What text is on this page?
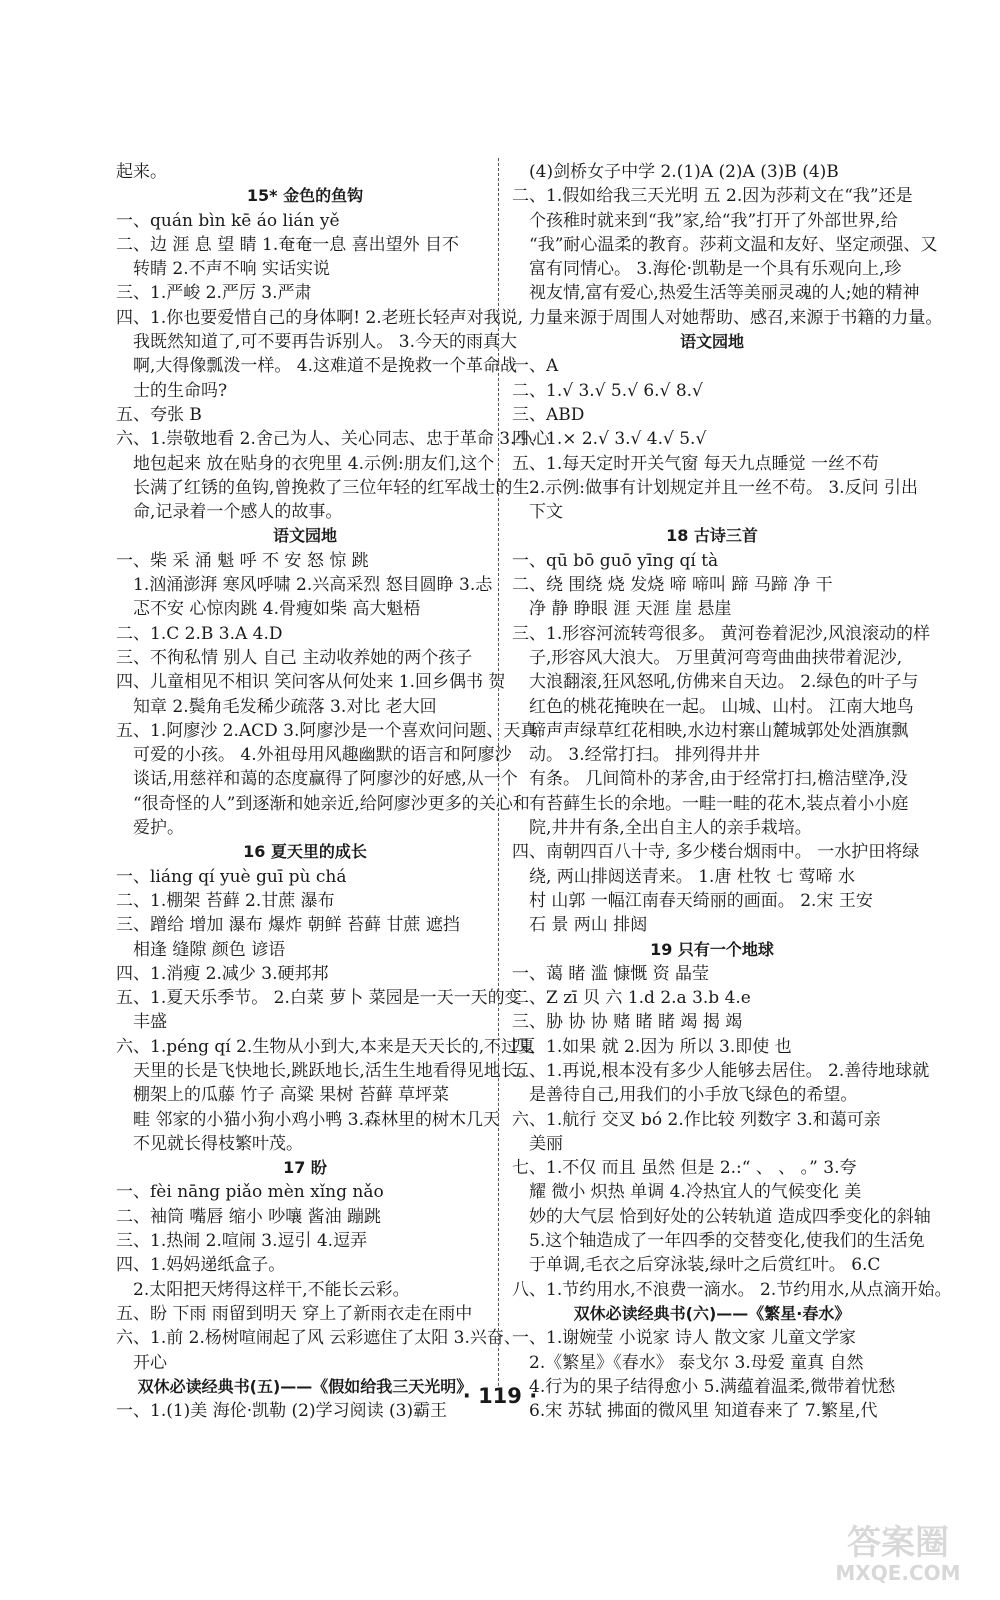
起来。
15* 金色的鱼钩
一、quán bìn kē áo lián yě
二、边 涯 息 望 睛 1.奄奄一息 喜出望外 目不
转睛 2.不声不响 实话实说
三、1.严峻 2.严厉 3.严肃
四、1.你也要爱惜自己的身体啊! 2.老班长轻声对我说,
我既然知道了,可不要再告诉别人。 3.今天的雨真大
啊,大得像瓢泼一样。 4.这难道不是挽救一个革命战
士的生命吗?
五、夸张 B
六、1.崇敬地看 2.舍己为人、关心同志、忠于革命 3.小心
地包起来 放在贴身的衣兜里 4.示例:朋友们,这个
长满了红锈的鱼钩,曾挽救了三位年轻的红军战士的生
命,记录着一个感人的故事。
语文园地
一、柴 采 涌 魁 呼 不 安 怒 惊 跳
1.汹涌澎湃 寒风呼啸 2.兴高采烈 怒目圆睁 3.忐
忑不安 心惊肉跳 4.骨瘦如柴 高大魁梧
二、1.C 2.B 3.A 4.D
三、不徇私情 别人 自己 主动收养她的两个孩子
四、儿童相见不相识 笑问客从何处来 1.回乡偶书 贺
知章 2.鬓角毛发稀少疏落 3.对比 老大回
五、1.阿廖沙 2.ACD 3.阿廖沙是一个喜欢问问题、天真
可爱的小孩。 4.外祖母用风趣幽默的语言和阿廖沙
谈话,用慈祥和蔼的态度赢得了阿廖沙的好感,从一个
“很奇怪的人”到逐渐和她亲近,给阿廖沙更多的关心和
爱护。
16 夏天里的成长
一、liáng qí yuè guī pù chá
二、1.棚架 苔藓 2.甘蔗 瀑布
三、蹭给 增加 瀑布 爆炸 朝鲜 苔藓 甘蔗 遮挡
相逢 缝隙 颜色 谚语
四、1.消瘦 2.减少 3.硬邦邦
五、1.夏天乐季节。 2.白菜 萝卜 菜园是一天一天的变
丰盛
六、1.péng qí 2.生物从小到大,本来是天天长的,不过夏
天里的长是飞快地长,跳跃地长,活生生地看得见地长。
棚架上的瓜藤 竹子 高粱 果树 苔藓 草坪菜
畦 邻家的小猫小狗小鸡小鸭 3.森林里的树木几天
不见就长得枝繁叶茂。
17 盼
一、fèi nāng piǎo mèn xǐng nǎo
二、袖筒 嘴唇 缩小 吵嚷 酱油 蹦跳
三、1.热闹 2.喧闹 3.逗引 4.逗弄
四、1.妈妈递纸盒子。
2.太阳把天烤得这样干,不能长云彩。
五、盼 下雨 雨留到明天 穿上了新雨衣走在雨中
六、1.前 2.杨树喧闹起了风 云彩遮住了太阳 3.兴奋、
开心
双休必读经典书(五)——《假如给我三天光明》
一、1.(1)美 海伦·凯勒 (2)学习阅读 (3)霸王
(4)剑桥女子中学 2.(1)A (2)A (3)B (4)B
二、1.假如给我三天光明 五 2.因为莎莉文在“我”还是
个孩稚时就来到“我”家,给“我”打开了外部世界,给
“我”耐心温柔的教育。莎莉文温和友好、坚定顽强、又
富有同情心。 3.海伦·凯勒是一个具有乐观向上,珍
视友情,富有爱心,热爱生活等美丽灵魂的人;她的精神
力量来源于周围人对她帮助、感召,来源于书籍的力量。
语文园地
一、A
二、1.√ 3.√ 5.√ 6.√ 8.√
三、ABD
四、1.× 2.√ 3.√ 4.√ 5.√
五、1.每天定时开关气窗 每天九点睡觉 一丝不苟
2.示例:做事有计划规定并且一丝不苟。 3.反问 引出
下文
18 古诗三首
一、qū bō guō yīng qí tà
二、绕 围绕 烧 发烧 啼 啼叫 蹄 马蹄 净 干
净 静 睁眼 涯 天涯 崖 悬崖
三、1.形容河流转弯很多。 黄河卷着泥沙,风浪滚动的样
子,形容风大浪大。 万里黄河弯弯曲曲挟带着泥沙,
大浪翻滚,狂风怒吼,仿佛来自天边。 2.绿色的叶子与
红色的桃花掩映在一起。 山城、山村。 江南大地鸟
啼声声绿草红花相映,水边村寨山麓城郭处处酒旗飘
动。 3.经常打扫。 排列得井井
有条。 几间简朴的茅舍,由于经常打扫,檐洁壁净,没
有苔藓生长的余地。一畦一畦的花木,装点着小小庭
院,井井有条,全出自主人的亲手栽培。
四、南朝四百八十寺, 多少楼台烟雨中。 一水护田将绿
绕, 两山排闼送青来。 1.唐 杜牧 七 莺啼 水
村 山郭 一幅江南春天绮丽的画面。 2.宋 王安
石 景 两山 排闼
19 只有一个地球
一、蔼 睹 滥 慷慨 资 晶莹
二、Z zī 贝 六 1.d 2.a 3.b 4.e
三、胁 协 协 赌 睹 睹 竭 揭 竭
四、1.如果 就 2.因为 所以 3.即使 也
五、1.再说,根本没有多少人能够去居住。 2.善待地球就
是善待自己,用我们的小手放飞绿色的希望。
六、1.航行 交叉 bó 2.作比较 列数字 3.和蔼可亲
美丽
七、1.不仅 而且 虽然 但是 2.:“ 、 、 。” 3.夸
耀 微小 炽热 单调 4.冷热宜人的气候变化 美
妙的大气层 恰到好处的公转轨道 造成四季变化的斜轴
5.这个轴造成了一年四季的交替变化,使我们的生活免
于单调,毛衣之后穿泳装,绿叶之后赏红叶。 6.C
八、1.节约用水,不浪费一滴水。 2.节约用水,从点滴开始。
双休必读经典书(六)——《繁星·春水》
一、1.谢婉莹 小说家 诗人 散文家 儿童文学家
2.《繁星》《春水》 泰戈尔 3.母爱 童真 自然
4.行为的果子结得愈小 5.满蕴着温柔,微带着忧愁
6.宋 苏轼 拂面的微风里 知道春来了 7.繁星,代
· 119 ·
答案圈
MXQE.COM
